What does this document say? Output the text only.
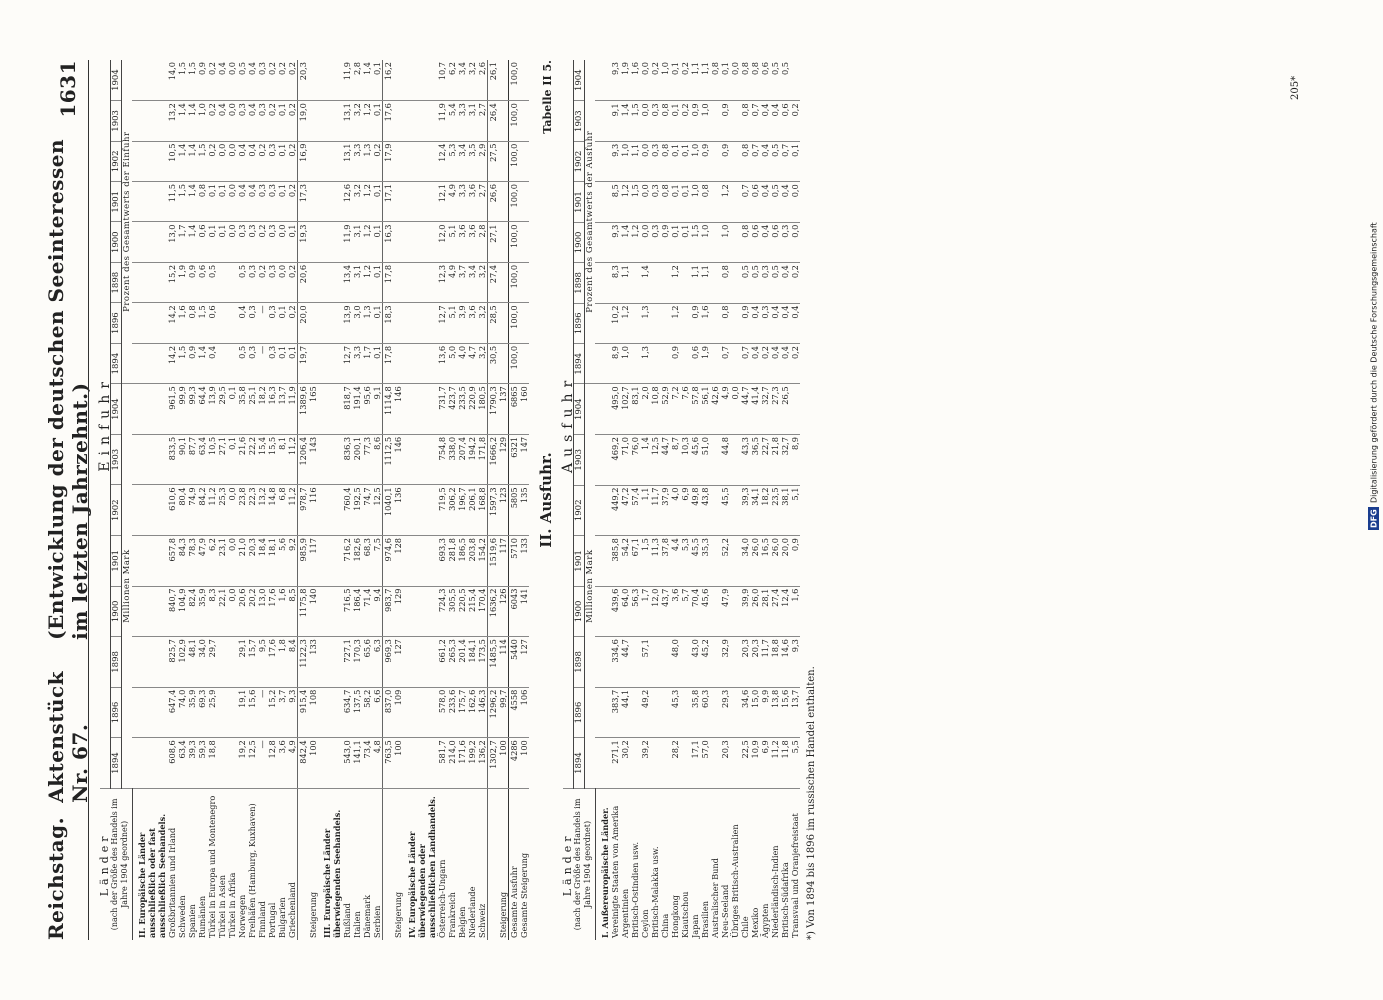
Reichstag.
Aktenstück Nr. 67.
(Entwicklung der deutschen Seeinteressen im letzten Jahrzehnt.)
1631
Länder (nach der Größe des Handels im Jahre 1904 geordnet)	Einfuhr															
	1894	1896	1898	1900	1901	1902	1903	1904	1894	1896	1898	1900	1901	1902	1903	1904
	Millionen Mark								Prozent des Gesamtwerts der Einfuhr							
II. Europäische Länder ausschließlich oder fast ausschließlich Seehandels.																
Großbritannien und Irland	608,6	647,4	825,7	840,7	657,8	610,6	833,5	961,5	14,2	14,2	15,2	13,0	11,5	10,5	13,2	14,0
Schweden	63,4	74,0	102,9	104,9	84,3	80,4	90,1	99,9	1,5	1,6	1,9	1,7	1,5	1,4	1,4	1,5
Spanien	39,3	35,9	48,1	82,4	78,3	74,9	87,7	99,3	0,9	0,8	0,9	1,4	1,4	1,4	1,4	1,5
Rumänien	59,3	69,3	34,0	35,9	47,9	84,2	63,4	64,4	1,4	1,5	0,6	0,6	0,8	1,5	1,0	0,9
Türkei in Europa und Montenegro	18,8	25,9	29,7	8,3	6,2	11,2	10,5	13,9	0,4	0,6	0,5	0,1	0,1	0,2	0,2	0,2
Türkei in Asien				22,1	23,1	25,3	27,1	29,5				0,1	0,1	0,0	0,4	0,4
Türkei in Afrika				0,0	0,0	0,0	0,1	0,1				0,0	0,0	0,0	0,0	0,0
Norwegen	19,2	19,1	29,1	20,6	21,0	23,8	21,6	35,8	0,5	0,4	0,5	0,3	0,4	0,4	0,3	0,5
Freihäfen (Hamburg, Kuxhaven)	12,5	15,6	15,7	20,2	20,3	22,3	22,2	25,1	0,3	0,3	0,3	0,3	0,4	0,4	0,4	0,4
Finnland	—	—	9,5	13,0	18,4	13,2	15,4	18,2	—	—	0,2	0,2	0,3	0,2	0,3	0,3
Portugal	12,8	15,2	17,6	17,6	18,1	14,8	15,5	16,3	0,3	0,3	0,3	0,3	0,3	0,3	0,2	0,2
Bulgarien	3,6	3,7	1,8	1,6	5,6	6,8	8,1	13,7	0,1	0,1	0,0	0,0	0,1	0,1	0,1	0,2
Griechenland	4,9	9,3	8,4	8,5	9,2	11,2	11,2	11,9	0,1	0,2	0,2	0,1	0,2	0,2	0,2	0,2
	842,4	915,4	1122,3	1175,8	985,9	978,7	1206,4	1389,6	19,7	20,0	20,6	19,3	17,3	16,9	19,0	20,3
Steigerung	100	108	133	140	117	116	143	165								
III. Europäische Länder überwiegenden Seehandels.																
Rußland	543,0	634,7	727,1	716,5	716,2	760,4	836,3	818,7	12,7	13,9	13,4	11,9	12,6	13,1	13,1	11,9
Italien	141,1	137,5	170,3	186,4	182,6	192,5	200,1	191,4	3,3	3,0	3,1	3,1	3,2	3,3	3,2	2,8
Dänemark	73,4	58,2	65,6	71,4	68,3	74,7	77,3	95,6	1,7	1,3	1,2	1,2	1,2	1,3	1,2	1,4
Serbien	4,8	6,6	6,3	9,4	7,5	12,5	8,6	9,1	0,1	0,1	0,1	0,1	0,1	0,2	0,1	0,1
	763,5	837,0	969,3	983,7	974,6	1040,1	1112,5	1114,8	17,8	18,3	17,8	16,3	17,1	17,9	17,6	16,2
Steigerung	100	109	127	129	128	136	146	146								
IV. Europäische Länder überwiegenden oder ausschließlichen Landhandels.																
Österreich-Ungarn	581,7	578,0	661,2	724,3	693,3	719,5	754,8	731,7	13,6	12,7	12,3	12,0	12,1	12,4	11,9	10,7
Frankreich	214,0	233,6	265,3	305,5	281,8	306,2	338,0	423,7	5,0	5,1	4,9	5,1	4,9	5,3	5,4	6,2
Belgien	171,6	175,7	201,4	220,5	186,5	196,7	207,4	233,5	4,0	3,9	3,7	3,6	3,3	3,4	3,3	3,4
Niederlande	199,2	162,6	184,1	215,4	203,8	206,1	194,2	220,9	4,7	3,6	3,4	3,6	3,6	3,5	3,1	3,2
Schweiz	136,2	146,3	173,5	170,4	154,2	168,8	171,8	180,5	3,2	3,2	3,2	2,8	2,7	2,9	2,7	2,6
	1302,7	1296,2	1485,5	1636,2	1519,6	1597,3	1666,2	1790,3	30,5	28,5	27,4	27,1	26,6	27,5	26,4	26,1
Steigerung	100	99,7	114	126	117	123	129	137								
Gesamte Ausfuhr	4286	4558	5440	6043	5710	5805	6321	6865	100,0	100,0	100,0	100,0	100,0	100,0	100,0	100,0
Gesamte Steigerung	100	106	127	141	133	135	147	160								
II. Ausfuhr.
Tabelle II 5.
Länder (nach der Größe des Handels im Jahre 1904 geordnet)	Ausfuhr															
	1894	1896	1898	1900	1901	1902	1903	1904	1894	1896	1898	1900	1901	1902	1903	1904
	Millionen Mark								Prozent des Gesamtwerts der Ausfuhr							
I. Außereuropäische Länder.																
Vereinigte Staaten von Amerika	271,1	383,7	334,6	439,6	385,8	449,2	469,2	495,0	8,9	10,2	8,3	9,3	8,5	9,3	9,1	9,3
Argentinien	30,2	44,1	44,7	64,0	54,2	47,2	71,0	102,7	1,0	1,2	1,1	1,4	1,2	1,0	1,4	1,9
Britisch-Ostindien usw.				56,3	67,1	57,4	76,0	83,1				1,2	1,5	1,1	1,5	1,6
Ceylon	39,2	49,2	57,1	1,7	1,5	1,1	1,4	2,0	1,3	1,3	1,4	0,0	0,0	0,0	0,0	0,0
Britisch-Malakka usw.				12,0	11,3	11,7	12,5	10,8				0,3	0,3	0,3	0,3	0,2
China				43,7	37,8	37,9	44,7	52,9				0,9	0,8	0,8	0,8	1,0
Hongkong	28,2	45,3	48,0	3,6	4,4	4,0	8,7	7,2	0,9	1,2	1,2	0,1	0,1	0,1	0,1	0,1
Kiautschou				5,7	5,3	6,9	10,3	7,6				0,1	0,1	0,1	0,2	0,2
Japan	17,1	35,8	43,0	70,4	45,5	49,8	45,6	57,8	0,6	0,9	1,1	1,5	1,0	1,0	0,9	1,1
Brasilien	57,0	60,3	45,2	45,6	35,3	43,8	51,0	56,1	1,9	1,6	1,1	1,0	0,8	0,9	1,0	1,1
Australischer Bund								42,6								0,8
Neu-Seeland	20,3	29,3	32,9	47,9	52,2	45,5	44,8	4,9	0,7	0,8	0,8	1,0	1,2	0,9	0,9	0,1
Übriges Britisch-Australien								0,0								0,0
Chile	22,5	34,6	20,3	39,9	34,0	39,3	43,3	44,7	0,7	0,9	0,5	0,8	0,7	0,8	0,8	0,8
Mexiko	10,9	15,0	20,3	26,0	26,0	34,1	36,5	41,4	0,4	0,4	0,5	0,6	0,6	0,7	0,7	0,8
Ägypten	6,9	9,9	11,7	28,1	16,5	18,2	22,7	32,7	0,2	0,3	0,3	0,4	0,4	0,4	0,4	0,6
Niederländisch-Indien	11,2	13,8	18,8	27,4	26,0	23,5	21,8	27,3	0,4	0,4	0,5	0,6	0,5	0,5	0,4	0,5
Britisch-Südafrika	11,8	15,6	14,6	12,4	20,0	38,1	32,7	26,5	0,4	0,4	0,4	0,3	0,4	0,7	0,6	0,5
Transvaal und Oranjefreistaat	5,5	13,7	9,3	1,6	0,9	5,1	8,9		0,2	0,4	0,2	0,0	0,0	0,1	0,2	
*) Von 1894 bis 1896 im russischen Handel enthalten.
205*
DFG
Digitalisierung gefördert durch die Deutsche Forschungsgemeinschaft
